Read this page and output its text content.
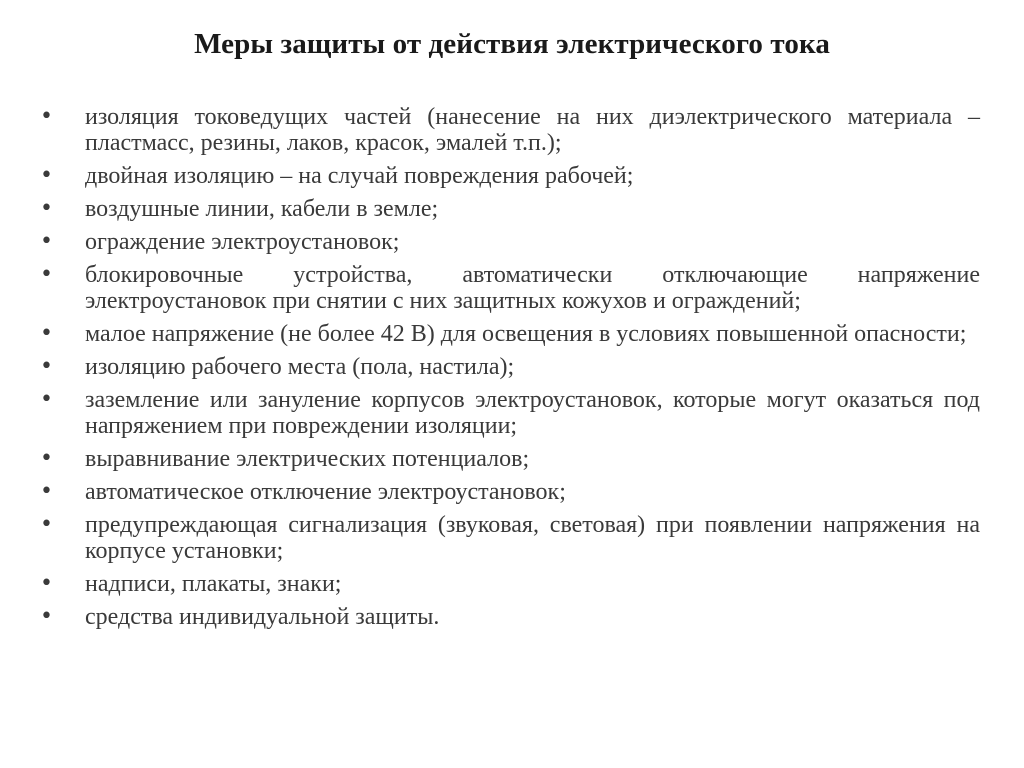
Меры защиты от действия электрического тока
• изоляция токоведущих частей (нанесение на них диэлектрического материала – пластмасс, резины, лаков, красок, эмалей т.п.);
• двойная изоляцию – на случай повреждения рабочей;
• воздушные линии, кабели в земле;
• ограждение электроустановок;
• блокировочные устройства, автоматически отключающие напряжение электроустановок при снятии с них защитных кожухов и ограждений;
• малое напряжение (не более 42 В) для освещения в условиях повышенной опасности;
• изоляцию рабочего места (пола, настила);
• заземление или зануление корпусов электроустановок, которые могут оказаться под напряжением при повреждении изоляции;
• выравнивание электрических потенциалов;
• автоматическое отключение электроустановок;
• предупреждающая сигнализация (звуковая, световая) при появлении напряжения на корпусе установки;
• надписи, плакаты, знаки;
• средства индивидуальной защиты.
